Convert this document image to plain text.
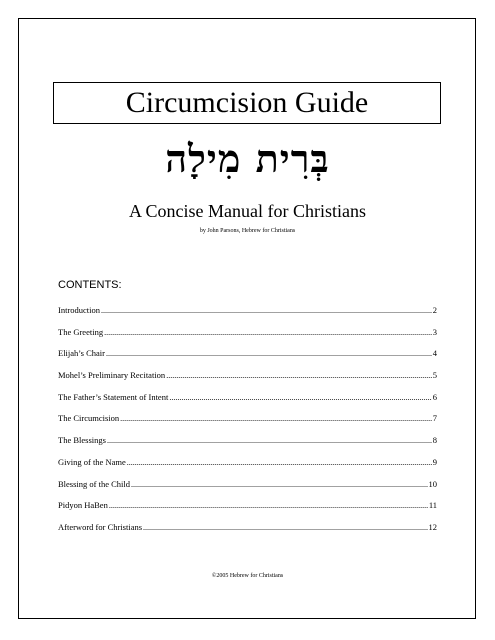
Circumcision Guide
בְּרִית מִילָה
A Concise Manual for Christians
by John Parsons, Hebrew for Christians
CONTENTS:
Introduction .....	2
The Greeting .....	3
Elijah’s Chair .....	4
Mohel’s Preliminary Recitation .....	5
The Father’s Statement of Intent .....	6
The Circumcision .....	7
The Blessings .....	8
Giving of the Name .....	9
Blessing of the Child .....	10
Pidyon HaBen .....	11
Afterword for Christians .....	12
©2005 Hebrew for Christians
